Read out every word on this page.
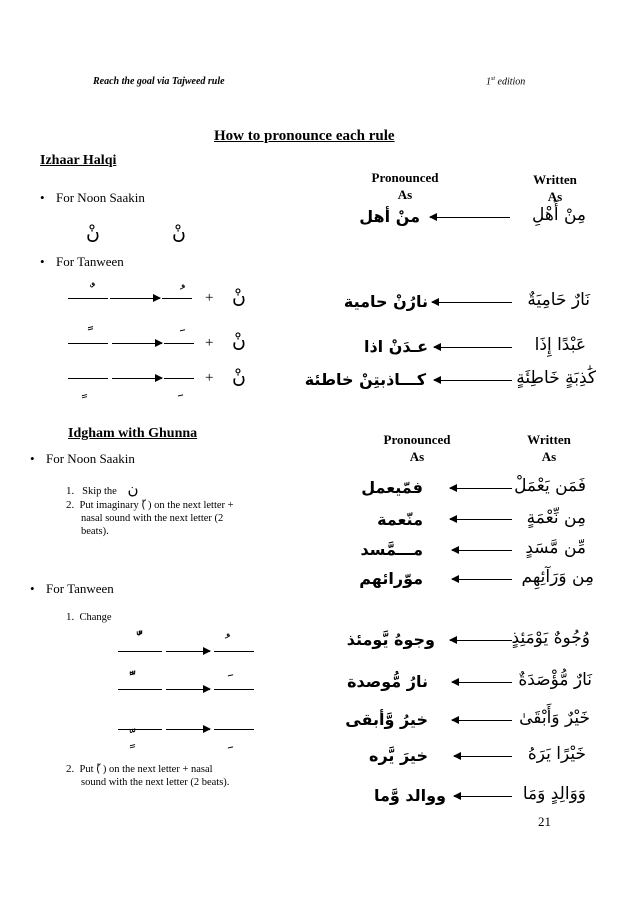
Reach the goal via Tajweed rule	1st edition
How to pronounce each rule
Izhaar Halqi
Pronounced
As
Written
As
• For Noon Saakin
نْ	نْ
• For Tanween
+ نْ
+ نْ
+ نْ
منْ أهل	مِنْ أَهْلِ
نارُنْ حامية	نَارٌ حَامِيَةٌ
عـدَنْ اذا	عَبْدًا إِذَا
كـــاذبتِنْ خاطئة	كَٰذِبَةٍ خَاطِئَةٍ
Idgham with Ghunna	Pronounced
As
Written
As
• For Noon Saakin
1. Skip the ن
2. Put imaginary (ّ ) on the next letter +
nasal sound with the next letter (2
beats).
فمّيعمل	فَمَن يَعْمَلْ
منّعمة	مِن نِّعْمَةٍ
مـــمَّسد	مِّن مَّسَدٍ
موّرائهم	مِن وَرَآئِهِم
• For Tanween
1. Change
2. Put (ّ ) on the next letter + nasal
sound with the next letter (2 beats).
وجوهُ يَّومئذ	وُجُوهٌ يَوْمَئِذٍ
نارُ مُّوصدة	نَارٌ مُّؤْصَدَةٌ
خيرُ وَّأبقى	خَيْرٌ وَأَبْقَىٰ
خيرَ يَّره	خَيْرًا يَرَهُ
ووالد وَّما	وَوَالِدٍ وَمَا
21
